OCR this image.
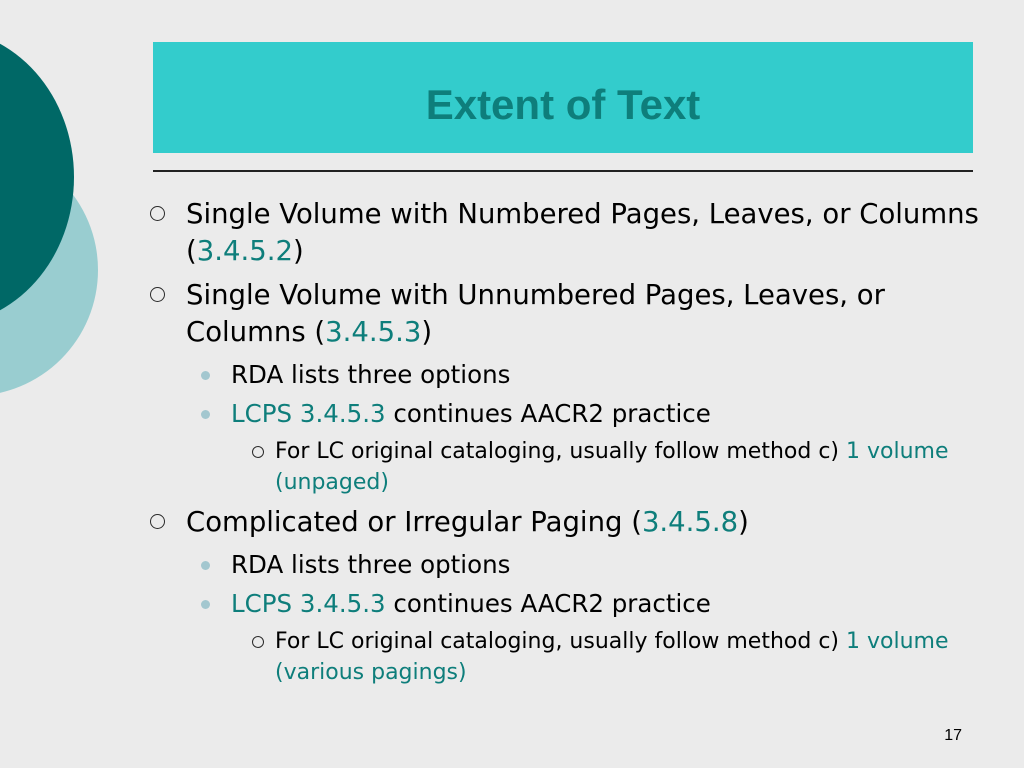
Extent of Text
Single Volume with Numbered Pages, Leaves, or Columns (3.4.5.2)
Single Volume with Unnumbered Pages, Leaves, or Columns (3.4.5.3)
RDA lists three options
LCPS 3.4.5.3 continues AACR2 practice
For LC original cataloging, usually follow method c) 1 volume (unpaged)
Complicated or Irregular Paging (3.4.5.8)
RDA lists three options
LCPS 3.4.5.3 continues AACR2 practice
For LC original cataloging, usually follow method c) 1 volume (various pagings)
17
